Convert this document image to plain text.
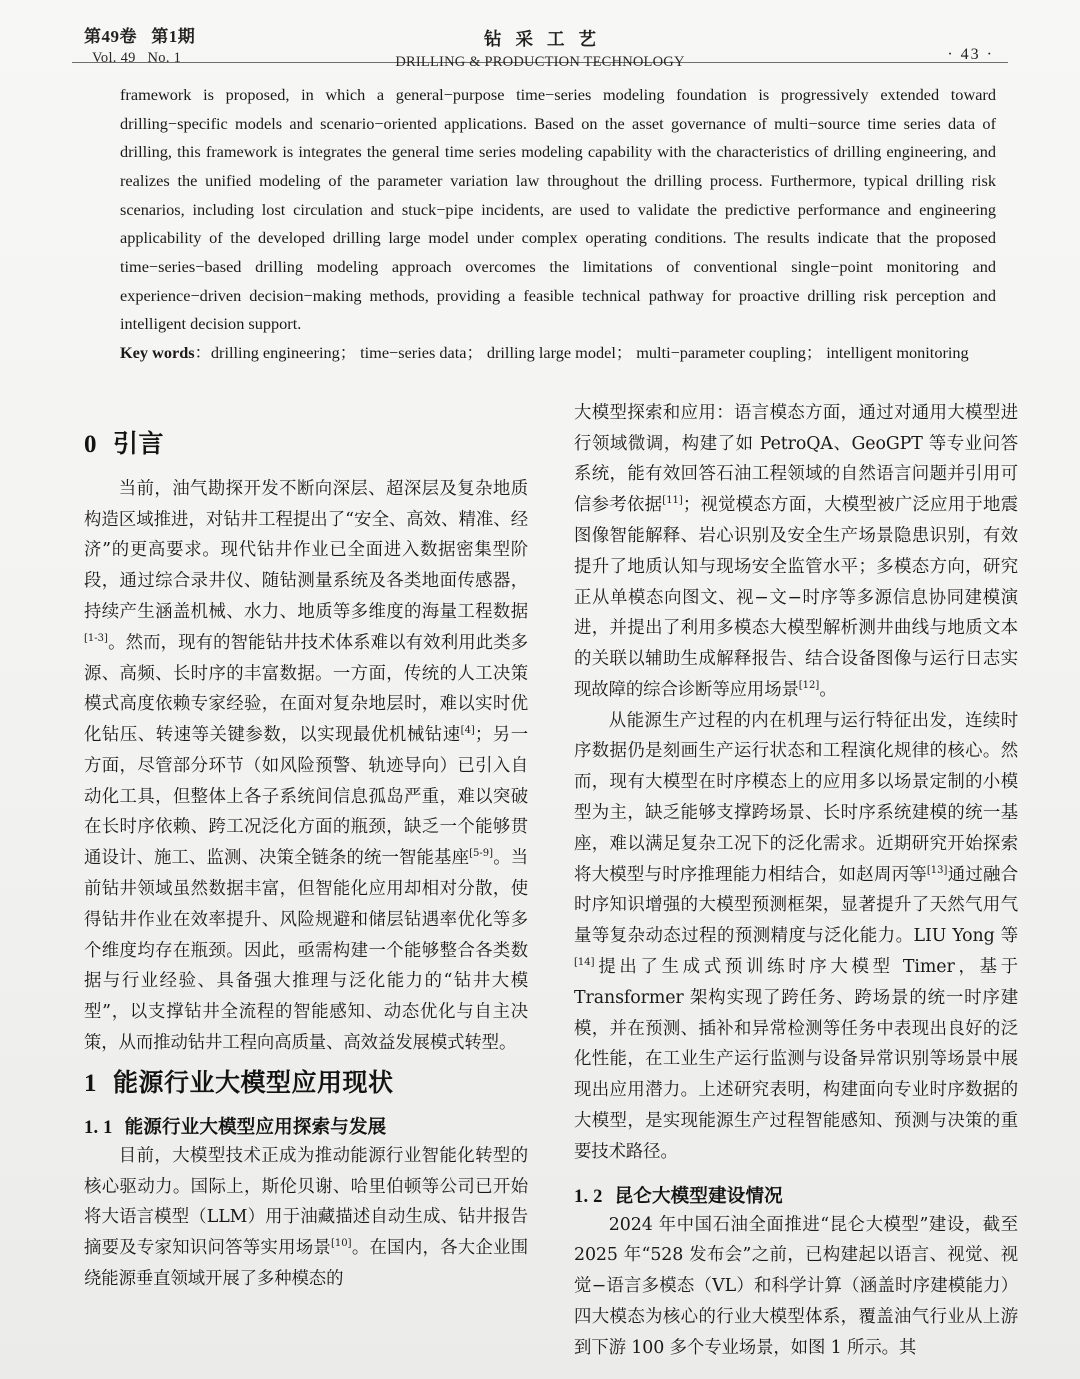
第49卷   第1期
Vol. 49   No. 1
钻采工艺
DRILLING & PRODUCTION TECHNOLOGY	· 43 ·

framework is proposed, in which a general−purpose time−series modeling foundation is progressively extended toward drilling−specific models and scenario−oriented applications. Based on the asset governance of multi−source time series data of drilling, this framework is integrates the general time series modeling capability with the characteristics of drilling engineering, and realizes the unified modeling of the parameter variation law throughout the drilling process. Furthermore, typical drilling risk scenarios, including lost circulation and stuck−pipe incidents, are used to validate the predictive performance and engineering applicability of the developed drilling large model under complex operating conditions. The results indicate that the proposed time−series−based drilling modeling approach overcomes the limitations of conventional single−point monitoring and experience−driven decision−making methods, providing a feasible technical pathway for proactive drilling risk perception and intelligent decision support.

Key words：drilling engineering； time−series data； drilling large model； multi−parameter coupling； intelligent monitoring

0 引言

当前，油气勘探开发不断向深层、超深层及复杂地质构造区域推进，对钻井工程提出了“安全、高效、精准、经济”的更高要求。现代钻井作业已全面进入数据密集型阶段，通过综合录井仪、随钻测量系统及各类地面传感器，持续产生涵盖机械、水力、地质等多维度的海量工程数据[1-3]。然而，现有的智能钻井技术体系难以有效利用此类多源、高频、长时序的丰富数据。一方面，传统的人工决策模式高度依赖专家经验，在面对复杂地层时，难以实时优化钻压、转速等关键参数，以实现最优机械钻速[4]；另一方面，尽管部分环节（如风险预警、轨迹导向）已引入自动化工具，但整体上各子系统间信息孤岛严重，难以突破在长时序依赖、跨工况泛化方面的瓶颈，缺乏一个能够贯通设计、施工、监测、决策全链条的统一智能基座[5-9]。当前钻井领域虽然数据丰富，但智能化应用却相对分散，使得钻井作业在效率提升、风险规避和储层钻遇率优化等多个维度均存在瓶颈。因此，亟需构建一个能够整合各类数据与行业经验、具备强大推理与泛化能力的“钻井大模型”，以支撑钻井全流程的智能感知、动态优化与自主决策，从而推动钻井工程向高质量、高效益发展模式转型。

1 能源行业大模型应用现状
1. 1 能源行业大模型应用探索与发展

目前，大模型技术正成为推动能源行业智能化转型的核心驱动力。国际上，斯伦贝谢、哈里伯顿等公司已开始将大语言模型（LLM）用于油藏描述自动生成、钻井报告摘要及专家知识问答等实用场景[10]。在国内，各大企业围绕能源垂直领域开展了多种模态的

大模型探索和应用：语言模态方面，通过对通用大模型进行领域微调，构建了如 PetroQA、GeoGPT 等专业问答系统，能有效回答石油工程领域的自然语言问题并引用可信参考依据[11]；视觉模态方面，大模型被广泛应用于地震图像智能解释、岩心识别及安全生产场景隐患识别，有效提升了地质认知与现场安全监管水平；多模态方向，研究正从单模态向图文、视−文−时序等多源信息协同建模演进，并提出了利用多模态大模型解析测井曲线与地质文本的关联以辅助生成解释报告、结合设备图像与运行日志实现故障的综合诊断等应用场景[12]。

从能源生产过程的内在机理与运行特征出发，连续时序数据仍是刻画生产运行状态和工程演化规律的核心。然而，现有大模型在时序模态上的应用多以场景定制的小模型为主，缺乏能够支撑跨场景、长时序系统建模的统一基座，难以满足复杂工况下的泛化需求。近期研究开始探索将大模型与时序推理能力相结合，如赵周丙等[13]通过融合时序知识增强的大模型预测框架，显著提升了天然气用气量等复杂动态过程的预测精度与泛化能力。LIU Yong 等[14]提出了生成式预训练时序大模型 Timer，基于 Transformer 架构实现了跨任务、跨场景的统一时序建模，并在预测、插补和异常检测等任务中表现出良好的泛化性能，在工业生产运行监测与设备异常识别等场景中展现出应用潜力。上述研究表明，构建面向专业时序数据的大模型，是实现能源生产过程智能感知、预测与决策的重要技术路径。

1. 2 昆仑大模型建设情况

2024 年中国石油全面推进“昆仑大模型”建设，截至 2025 年“528 发布会”之前，已构建起以语言、视觉、视觉−语言多模态（VL）和科学计算（涵盖时序建模能力）四大模态为核心的行业大模型体系，覆盖油气行业从上游到下游 100 多个专业场景，如图 1 所示。其
